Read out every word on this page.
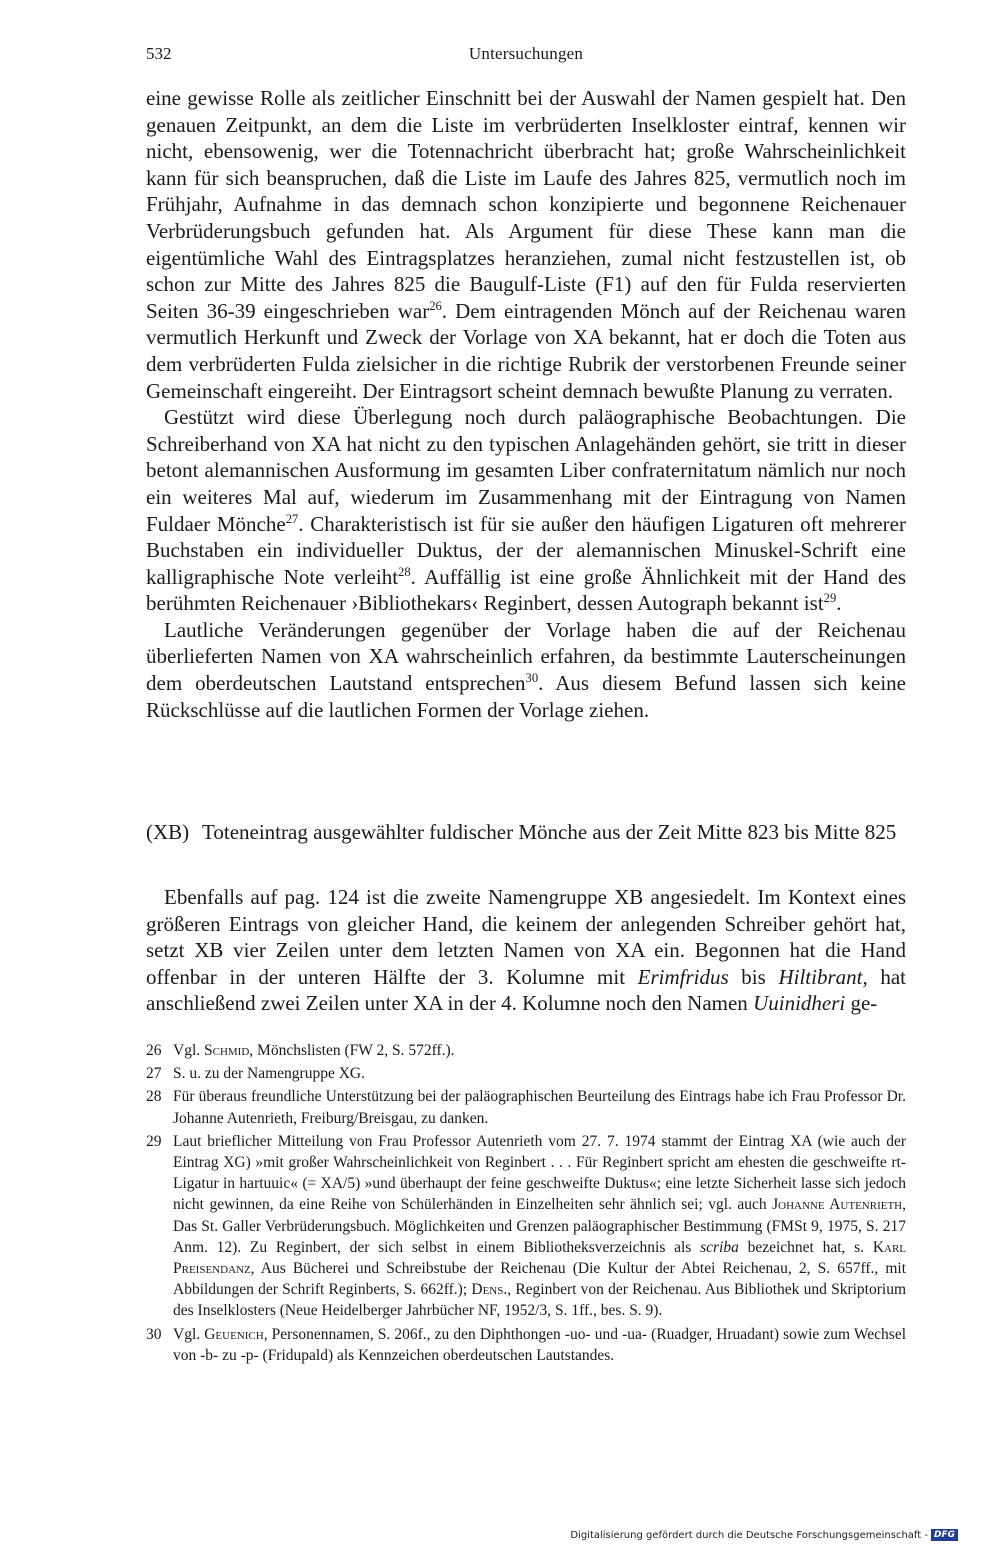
532	Untersuchungen

eine gewisse Rolle als zeitlicher Einschnitt bei der Auswahl der Namen gespielt hat. Den genauen Zeitpunkt, an dem die Liste im verbrüderten Inselkloster eintraf, kennen wir nicht, ebensowenig, wer die Totennachricht überbracht hat; große Wahrscheinlichkeit kann für sich beanspruchen, daß die Liste im Laufe des Jahres 825, vermutlich noch im Frühjahr, Aufnahme in das demnach schon konzipierte und begonnene Reichenauer Verbrüderungsbuch gefunden hat. Als Argument für diese These kann man die eigentümliche Wahl des Eintragsplatzes heranziehen, zumal nicht festzustellen ist, ob schon zur Mitte des Jahres 825 die Baugulf-Liste (F1) auf den für Fulda reservierten Seiten 36-39 eingeschrieben war$^{26}$. Dem eintragenden Mönch auf der Reichenau waren vermutlich Herkunft und Zweck der Vorlage von XA bekannt, hat er doch die Toten aus dem verbrüderten Fulda zielsicher in die richtige Rubrik der verstorbenen Freunde seiner Gemeinschaft eingereiht. Der Eintragsort scheint demnach bewußte Planung zu verraten.

Gestützt wird diese Überlegung noch durch paläographische Beobachtungen. Die Schreiberhand von XA hat nicht zu den typischen Anlagehänden gehört, sie tritt in dieser betont alemannischen Ausformung im gesamten Liber confraternitatum nämlich nur noch ein weiteres Mal auf, wiederum im Zusammenhang mit der Eintragung von Namen Fuldaer Mönche$^{27}$. Charakteristisch ist für sie außer den häufigen Ligaturen oft mehrerer Buchstaben ein individueller Duktus, der der alemannischen Minuskel-Schrift eine kalligraphische Note verleiht$^{28}$. Auffällig ist eine große Ähnlichkeit mit der Hand des berühmten Reichenauer ›Bibliothekars‹ Reginbert, dessen Autograph bekannt ist$^{29}$.

Lautliche Veränderungen gegenüber der Vorlage haben die auf der Reichenau überlieferten Namen von XA wahrscheinlich erfahren, da bestimmte Lauterscheinungen dem oberdeutschen Lautstand entsprechen$^{30}$. Aus diesem Befund lassen sich keine Rückschlüsse auf die lautlichen Formen der Vorlage ziehen.

(XB) Toteneintrag ausgewählter fuldischer Mönche aus der Zeit Mitte 823 bis Mitte 825

Ebenfalls auf pag. 124 ist die zweite Namengruppe XB angesiedelt. Im Kontext eines größeren Eintrags von gleicher Hand, die keinem der anlegenden Schreiber gehört hat, setzt XB vier Zeilen unter dem letzten Namen von XA ein. Begonnen hat die Hand offenbar in der unteren Hälfte der 3. Kolumne mit Erimfridus bis Hiltibrant, hat anschließend zwei Zeilen unter XA in der 4. Kolumne noch den Namen Uuinidheri ge-

26 Vgl. Schmid, Mönchslisten (FW 2, S. 572ff.).
27 S. u. zu der Namengruppe XG.
28 Für überaus freundliche Unterstützung bei der paläographischen Beurteilung des Eintrags habe ich Frau Professor Dr. Johanne Autenrieth, Freiburg/Breisgau, zu danken.
29 Laut brieflicher Mitteilung von Frau Professor Autenrieth vom 27. 7. 1974 stammt der Eintrag XA (wie auch der Eintrag XG) »mit großer Wahrscheinlichkeit von Reginbert . . . Für Reginbert spricht am ehesten die geschweifte rt-Ligatur in hartuuic« (= XA/5) »und überhaupt der feine geschweifte Duktus«; eine letzte Sicherheit lasse sich jedoch nicht gewinnen, da eine Reihe von Schülerhänden in Einzelheiten sehr ähnlich sei; vgl. auch Johanne Autenrieth, Das St. Galler Verbrüderungsbuch. Möglichkeiten und Grenzen paläographischer Bestimmung (FMSt 9, 1975, S. 217 Anm. 12). Zu Reginbert, der sich selbst in einem Bibliotheksverzeichnis als scriba bezeichnet hat, s. Karl Preisendanz, Aus Bücherei und Schreibstube der Reichenau (Die Kultur der Abtei Reichenau, 2, S. 657ff., mit Abbildungen der Schrift Reginberts, S. 662ff.); Dens., Reginbert von der Reichenau. Aus Bibliothek und Skriptorium des Inselklosters (Neue Heidelberger Jahrbücher NF, 1952/3, S. 1ff., bes. S. 9).
30 Vgl. Geuenich, Personennamen, S. 206f., zu den Diphthongen -uo- und -ua- (Ruadger, Hruadant) sowie zum Wechsel von -b- zu -p- (Fridupald) als Kennzeichen oberdeutschen Lautstandes.
Digitalisierung gefördert durch die Deutsche Forschungsgemeinschaft - DFG
